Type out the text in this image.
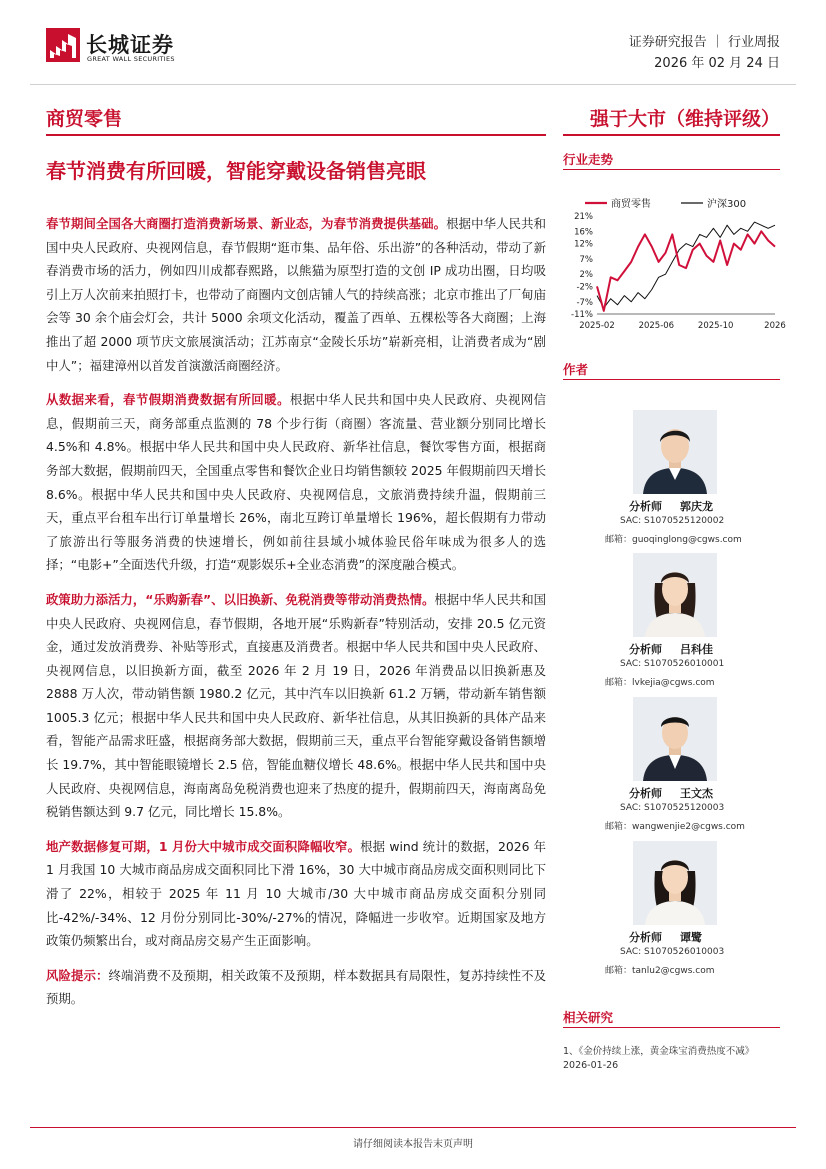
长城证券
GREAT WALL SECURITIES
证券研究报告 ｜ 行业周报
2026 年 02 月 24 日
商贸零售	强于大市（维持评级）
春节消费有所回暖，智能穿戴设备销售亮眼

春节期间全国各大商圈打造消费新场景、新业态，为春节消费提供基础。根据中华人民共和国中央人民政府、央视网信息，春节假期“逛市集、品年俗、乐出游”的各种活动，带动了新春消费市场的活力，例如四川成都春熙路，以熊猫为原型打造的文创 IP 成功出圈，日均吸引上万人次前来拍照打卡，也带动了商圈内文创店铺人气的持续高涨；北京市推出了厂甸庙会等 30 余个庙会灯会，共计 5000 余项文化活动，覆盖了西单、五棵松等各大商圈；上海推出了超 2000 项节庆文旅展演活动；江苏南京“金陵长乐坊”崭新亮相，让消费者成为“剧中人”；福建漳州以首发首演激活商圈经济。

从数据来看，春节假期消费数据有所回暖。根据中华人民共和国中央人民政府、央视网信息，假期前三天，商务部重点监测的 78 个步行街（商圈）客流量、营业额分别同比增长 4.5%和 4.8%。根据中华人民共和国中央人民政府、新华社信息，餐饮零售方面，根据商务部大数据，假期前四天，全国重点零售和餐饮企业日均销售额较 2025 年假期前四天增长 8.6%。根据中华人民共和国中央人民政府、央视网信息，文旅消费持续升温，假期前三天，重点平台租车出行订单量增长 26%，南北互跨订单量增长 196%，超长假期有力带动了旅游出行等服务消费的快速增长，例如前往县域小城体验民俗年味成为很多人的选择；“电影+”全面迭代升级，打造“观影娱乐+全业态消费”的深度融合模式。

政策助力添活力，“乐购新春”、以旧换新、免税消费等带动消费热情。根据中华人民共和国中央人民政府、央视网信息，春节假期，各地开展“乐购新春”特别活动，安排 20.5 亿元资金，通过发放消费券、补贴等形式，直接惠及消费者。根据中华人民共和国中央人民政府、央视网信息，以旧换新方面，截至 2026 年 2 月 19 日，2026 年消费品以旧换新惠及 2888 万人次，带动销售额 1980.2 亿元，其中汽车以旧换新 61.2 万辆，带动新车销售额 1005.3 亿元；根据中华人民共和国中央人民政府、新华社信息，从其旧换新的具体产品来看，智能产品需求旺盛，根据商务部大数据，假期前三天，重点平台智能穿戴设备销售额增长 19.7%，其中智能眼镜增长 2.5 倍，智能血糖仪增长 48.6%。根据中华人民共和国中央人民政府、央视网信息，海南离岛免税消费也迎来了热度的提升，假期前四天，海南离岛免税销售额达到 9.7 亿元，同比增长 15.8%。

地产数据修复可期，1 月份大中城市成交面积降幅收窄。根据 wind 统计的数据，2026 年 1 月我国 10 大城市商品房成交面积同比下滑 16%，30 大中城市商品房成交面积则同比下滑了 22%，相较于 2025 年 11 月 10 大城市/30 大中城市商品房成交面积分别同比-42%/-34%、12 月份分别同比-30%/-27%的情况，降幅进一步收窄。近期国家及地方政策仍频繁出台，或对商品房交易产生正面影响。

风险提示：终端消费不及预期，相关政策不及预期，样本数据具有局限性，复苏持续性不及预期。

行业走势
商贸零售	沪深300
21%
16%
12%
7%
2%
-2%
-7%
-11%
2025-02	2025-06	2025-10	2026
作者
分析师 郭庆龙
SAC: S1070525120002
邮箱：guoqinglong@cgws.com
分析师 吕科佳
SAC: S1070526010001
邮箱：lvkejia@cgws.com
分析师 王文杰
SAC: S1070525120003
邮箱：wangwenjie2@cgws.com
分析师 谭鹭
SAC: S1070526010003
邮箱：tanlu2@cgws.com
相关研究
1、《金价持续上涨，黄金珠宝消费热度不减》
2026-01-26
请仔细阅读本报告末页声明
